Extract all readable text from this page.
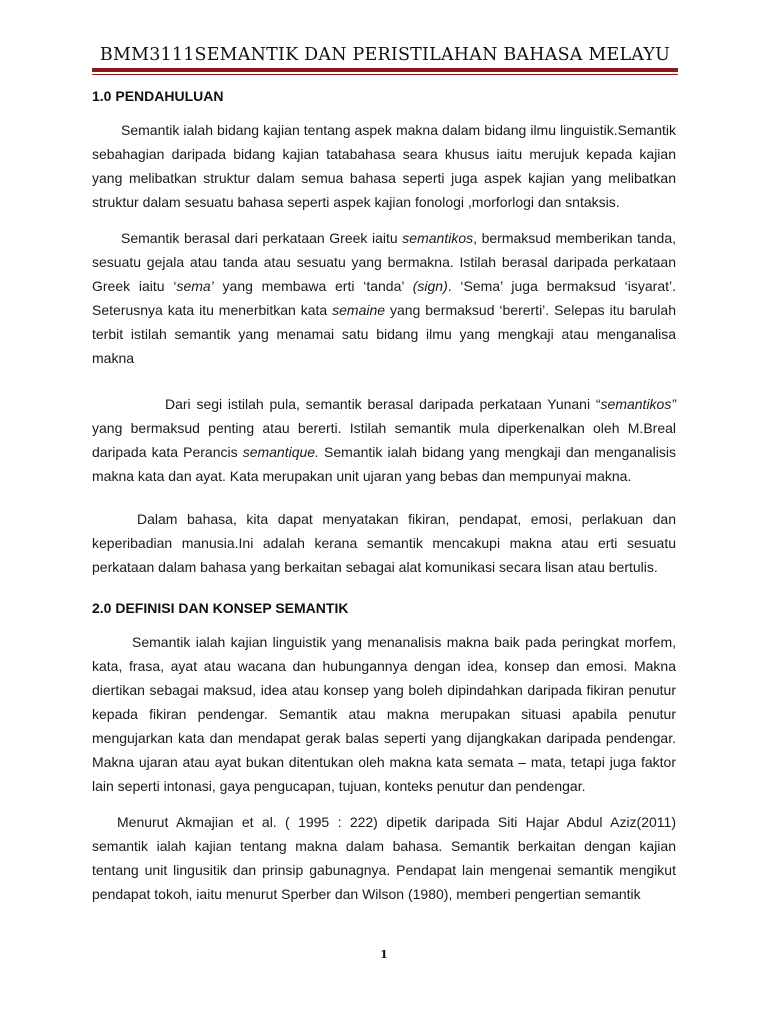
BMM3111SEMANTIK DAN PERISTILAHAN BAHASA MELAYU
1.0 PENDAHULUAN

Semantik ialah bidang kajian tentang aspek makna dalam bidang ilmu linguistik.Semantik sebahagian daripada bidang kajian tatabahasa seara khusus iaitu merujuk kepada kajian yang melibatkan struktur dalam semua bahasa seperti juga aspek kajian yang melibatkan struktur dalam sesuatu bahasa seperti aspek kajian fonologi ,morforlogi dan sntaksis.

Semantik berasal dari perkataan Greek iaitu semantikos, bermaksud memberikan tanda, sesuatu gejala atau tanda atau sesuatu yang bermakna. Istilah berasal daripada perkataan Greek iaitu ‘sema’ yang membawa erti ‘tanda’ (sign). ‘Sema’ juga bermaksud ‘isyarat’. Seterusnya kata itu menerbitkan kata semaine yang bermaksud ‘bererti’. Selepas itu barulah terbit istilah semantik yang menamai satu bidang ilmu yang mengkaji atau menganalisa makna

Dari segi istilah pula, semantik berasal daripada perkataan Yunani “semantikos” yang bermaksud penting atau bererti. Istilah semantik mula diperkenalkan oleh M.Breal daripada kata Perancis semantique. Semantik ialah bidang yang mengkaji dan menganalisis makna kata dan ayat. Kata merupakan unit ujaran yang bebas dan mempunyai makna.

Dalam bahasa, kita dapat menyatakan fikiran, pendapat, emosi, perlakuan dan keperibadian manusia.Ini adalah kerana semantik mencakupi makna atau erti sesuatu perkataan dalam bahasa yang berkaitan sebagai alat komunikasi secara lisan atau bertulis.

2.0 DEFINISI DAN KONSEP SEMANTIK

Semantik ialah kajian linguistik yang menanalisis makna baik pada peringkat morfem, kata, frasa, ayat atau wacana dan hubungannya dengan idea, konsep dan emosi. Makna diertikan sebagai maksud, idea atau konsep yang boleh dipindahkan daripada fikiran penutur kepada fikiran pendengar. Semantik atau makna merupakan situasi apabila penutur mengujarkan kata dan mendapat gerak balas seperti yang dijangkakan daripada pendengar. Makna ujaran atau ayat bukan ditentukan oleh makna kata semata – mata, tetapi juga faktor lain seperti intonasi, gaya pengucapan, tujuan, konteks penutur dan pendengar.

Menurut Akmajian et al. ( 1995 : 222) dipetik daripada Siti Hajar Abdul Aziz(2011) semantik ialah kajian tentang makna dalam bahasa. Semantik berkaitan dengan kajian tentang unit lingusitik dan prinsip gabunagnya. Pendapat lain mengenai semantik mengikut pendapat tokoh, iaitu menurut Sperber dan Wilson (1980), memberi pengertian semantik

1
